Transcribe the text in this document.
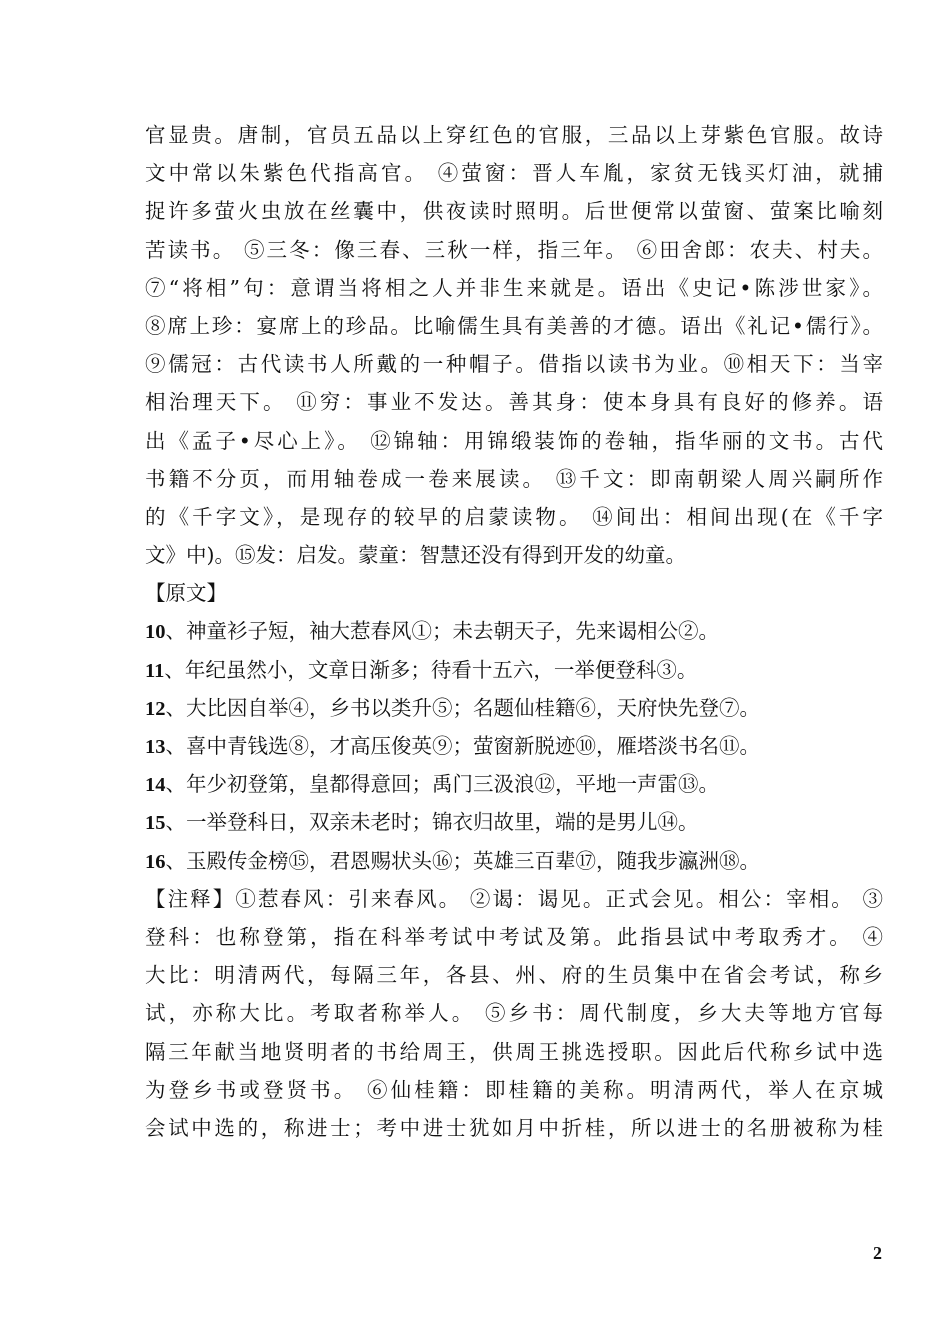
官显贵。唐制，官员五品以上穿红色的官服，三品以上芽紫色官服。故诗
文中常以朱紫色代指高官。 ④萤窗：晋人车胤，家贫无钱买灯油，就捕
捉许多萤火虫放在丝囊中，供夜读时照明。后世便常以萤窗、萤案比喻刻
苦读书。 ⑤三冬：像三春、三秋一样，指三年。 ⑥田舍郎：农夫、村夫。
⑦“将相”句：意谓当将相之人并非生来就是。语出《史记•陈涉世家》。
⑧席上珍：宴席上的珍品。比喻儒生具有美善的才德。语出《礼记•儒行》。
⑨儒冠：古代读书人所戴的一种帽子。借指以读书为业。⑩相天下：当宰
相治理天下。 ⑪穷：事业不发达。善其身：使本身具有良好的修养。语
出《孟子•尽心上》。 ⑫锦轴：用锦缎装饰的卷轴，指华丽的文书。古代
书籍不分页，而用轴卷成一卷来展读。 ⑬千文：即南朝梁人周兴嗣所作
的《千字文》，是现存的较早的启蒙读物。 ⑭间出：相间出现(在《千字
文》中)。⑮发：启发。蒙童：智慧还没有得到开发的幼童。
【原文】
10、神童衫子短，袖大惹春风①；未去朝天子，先来谒相公②。
11、年纪虽然小，文章日渐多；待看十五六，一举便登科③。
12、大比因自举④，乡书以类升⑤；名题仙桂籍⑥，天府快先登⑦。
13、喜中青钱选⑧，才高压俊英⑨；萤窗新脱迹⑩，雁塔淡书名⑪。
14、年少初登第，皇都得意回；禹门三汲浪⑫，平地一声雷⑬。
15、一举登科日，双亲未老时；锦衣归故里，端的是男儿⑭。
16、玉殿传金榜⑮，君恩赐状头⑯；英雄三百辈⑰，随我步瀛洲⑱。
【注释】①惹春风：引来春风。 ②谒：谒见。正式会见。相公：宰相。 ③
登科：也称登第，指在科举考试中考试及第。此指县试中考取秀才。 ④
大比：明清两代，每隔三年，各县、州、府的生员集中在省会考试，称乡
试，亦称大比。考取者称举人。 ⑤乡书：周代制度，乡大夫等地方官每
隔三年献当地贤明者的书给周王，供周王挑选授职。因此后代称乡试中选
为登乡书或登贤书。 ⑥仙桂籍：即桂籍的美称。明清两代，举人在京城
会试中选的，称进士；考中进士犹如月中折桂，所以进士的名册被称为桂
2
